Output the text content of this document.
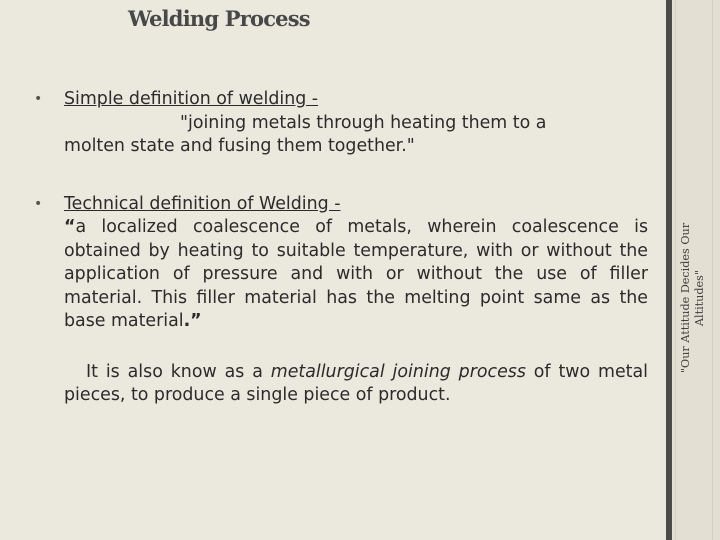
Welding Process
• Simple definition of welding -
"joining metals through heating them to a
molten state and fusing them together."
• Technical definition of Welding -
“a localized coalescence of metals, wherein coalescence is obtained by heating to suitable temperature, with or without the application of pressure and with or without the use of filler material. This filler material has the melting point same as the base material.”
It is also know as a metallurgical joining process of two metal pieces, to produce a single piece of product.
"Our Attitude Decides Our
Altitudes"
